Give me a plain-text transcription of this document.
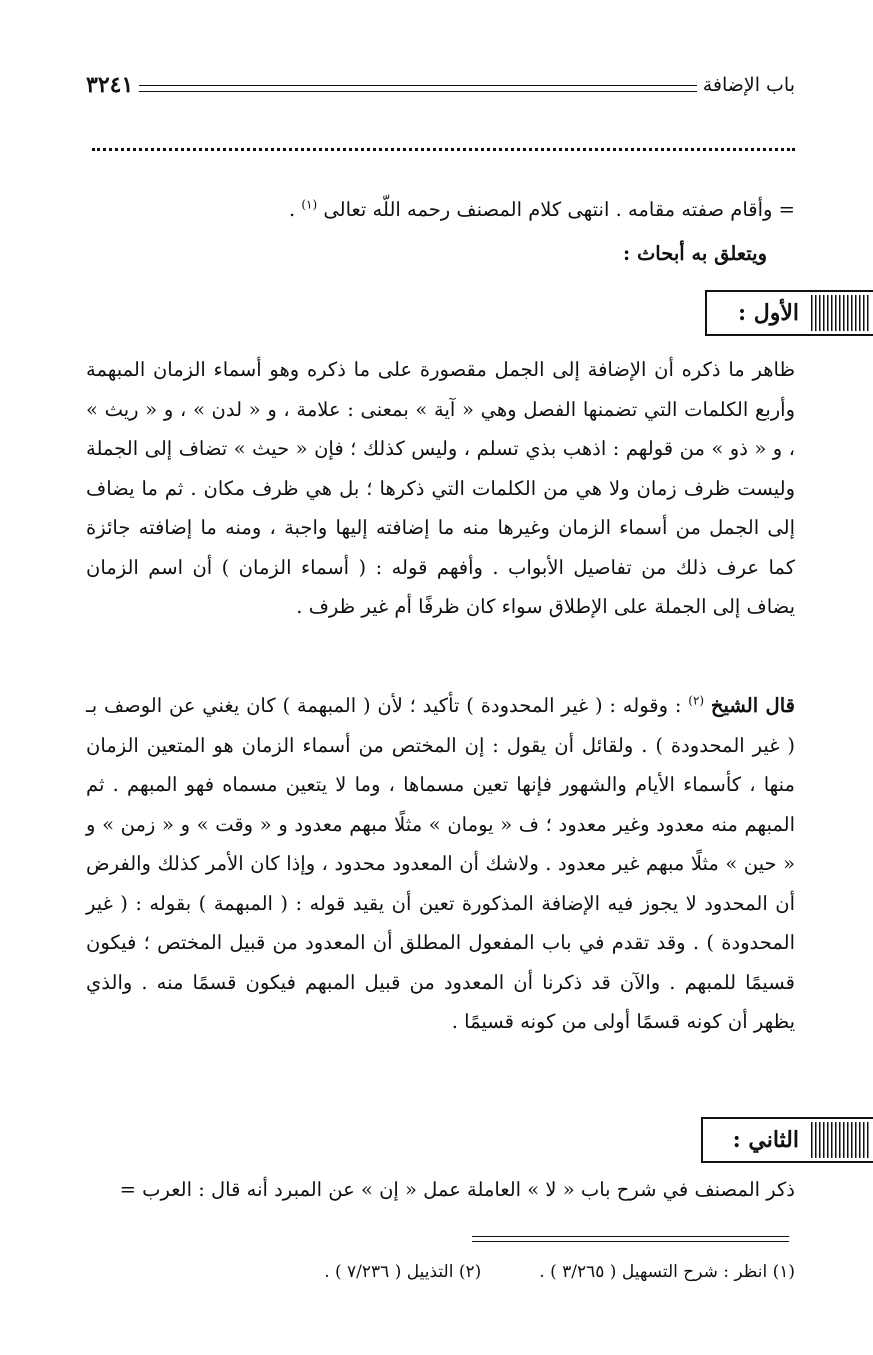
باب الإضافة
٣٢٤١
= وأقام صفته مقامه . انتهى كلام المصنف رحمه اللّه تعالى $^{(١)}$ .
ويتعلق به أبحاث :
الأول :

ظاهر ما ذكره أن الإضافة إلى الجمل مقصورة على ما ذكره وهو أسماء الزمان المبهمة وأربع الكلمات التي تضمنها الفصل وهي « آية » بمعنى : علامة ، و « لدن » ، و « ريث » ، و « ذو » من قولهم : اذهب بذي تسلم ، وليس كذلك ؛ فإن « حيث » تضاف إلى الجملة وليست ظرف زمان ولا هي من الكلمات التي ذكرها ؛ بل هي ظرف مكان . ثم ما يضاف إلى الجمل من أسماء الزمان وغيرها منه ما إضافته إليها واجبة ، ومنه ما إضافته جائزة كما عرف ذلك من تفاصيل الأبواب . وأفهم قوله : ( أسماء الزمان ) أن اسم الزمان يضاف إلى الجملة على الإطلاق سواء كان ظرفًا أم غير ظرف .

قال الشيخ $^{(٢)}$ : وقوله : ( غير المحدودة ) تأكيد ؛ لأن ( المبهمة ) كان يغني عن الوصف بـ ( غير المحدودة ) . ولقائل أن يقول : إن المختص من أسماء الزمان هو المتعين الزمان منها ، كأسماء الأيام والشهور فإنها تعين مسماها ، وما لا يتعين مسماه فهو المبهم . ثم المبهم منه معدود وغير معدود ؛ ف « يومان » مثلًا مبهم معدود و « وقت » و « زمن » و « حين » مثلًا مبهم غير معدود . ولاشك أن المعدود محدود ، وإذا كان الأمر كذلك والفرض أن المحدود لا يجوز فيه الإضافة المذكورة تعين أن يقيد قوله : ( المبهمة ) بقوله : ( غير المحدودة ) . وقد تقدم في باب المفعول المطلق أن المعدود من قبيل المختص ؛ فيكون قسيمًا للمبهم . والآن قد ذكرنا أن المعدود من قبيل المبهم فيكون قسمًا منه . والذي يظهر أن كونه قسمًا أولى من كونه قسيمًا .

الثاني :
ذكر المصنف في شرح باب « لا » العاملة عمل « إن » عن المبرد أنه قال : العرب =
(١) انظر : شرح التسهيل ( ٣/٢٦٥ ) .
(٢) التذييل ( ٧/٢٣٦ ) .
